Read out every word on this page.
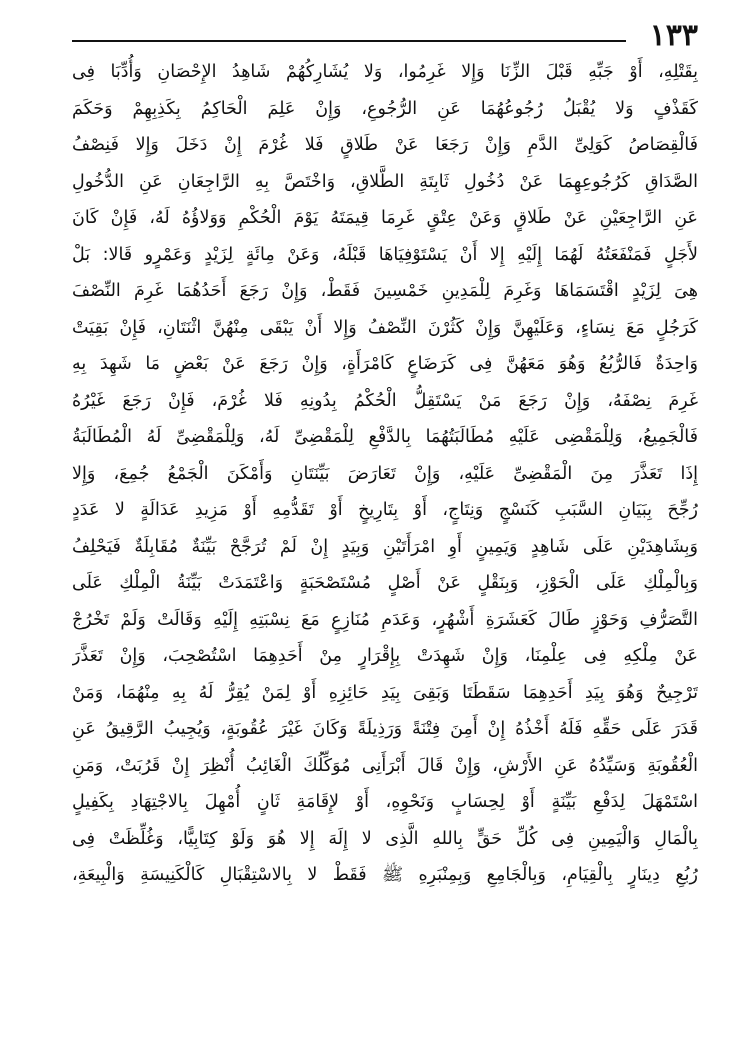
١٣٣
بِقَتْلِهِ، أَوْ جَبِّهِ قَبْلَ الزِّنَا وَإِلا غَرِمُوا، وَلا يُشَارِكُهُمْ شَاهِدُ الإِحْصَانِ وَأُدِّبَا فِى
كَقَذْفٍ وَلا يُقْبَلُ رُجُوعُهُمَا عَنِ الرُّجُوعِ، وَإِنْ عَلِمَ الْحَاكِمُ بِكَذِبِهِمْ وَحَكَمَ
فَالْقِصَاصُ كَوَلِىِّ الدَّمِ وَإِنْ رَجَعَا عَنْ طَلاقٍ فَلا غُرْمَ إِنْ دَخَلَ وَإِلا فَنِصْفُ
الصَّدَاقِ كَرُجُوعِهِمَا عَنْ دُخُولِ ثَابِتَةِ الطَّلاقِ، وَاخْتَصَّ بِهِ الرَّاجِعَانِ عَنِ الدُّخُولِ
عَنِ الرَّاجِعَيْنِ عَنْ طَلاقٍ وَعَنْ عِتْقٍ غَرِمَا قِيمَتَهُ يَوْمَ الْحُكْمِ وَوَلاؤُهُ لَهُ، فَإِنْ كَانَ
لأَجَلٍ فَمَنْفَعَتُهُ لَهُمَا إِلَيْهِ إِلا أَنْ يَسْتَوْفِيَاهَا قَبْلَهُ، وَعَنْ مِائَةٍ لِزَيْدٍ وَعَمْرٍو قَالا: بَلْ
هِىَ لِزَيْدٍ اقْتَسَمَاهَا وَغَرِمَ لِلْمَدِينِ خَمْسِينَ فَقَطْ، وَإِنْ رَجَعَ أَحَدُهُمَا غَرِمَ النِّصْفَ
كَرَجُلٍ مَعَ نِسَاءٍ، وَعَلَيْهِنَّ وَإِنْ كَثُرْنَ النِّصْفُ وَإِلا أَنْ يَبْقَى مِنْهُنَّ اثْنَتَانِ، فَإِنْ بَقِيَتْ
وَاحِدَةٌ فَالرُّبُعُ وَهُوَ مَعَهُنَّ فِى كَرَضَاعٍ كَامْرَأَةٍ، وَإِنْ رَجَعَ عَنْ بَعْضٍ مَا شَهِدَ بِهِ
غَرِمَ نِصْفَهُ، وَإِنْ رَجَعَ مَنْ يَسْتَقِلُّ الْحُكْمُ بِدُونِهِ فَلا غُرْمَ، فَإِنْ رَجَعَ غَيْرُهُ
فَالْجَمِيعُ، وَلِلْمَقْضِى عَلَيْهِ مُطَالَبَتُهُمَا بِالدَّفْعِ لِلْمَقْضِىِّ لَهُ، وَلِلْمَقْضِىِّ لَهُ الْمُطَالَبَةُ
إِذَا تَعَذَّرَ مِنَ الْمَقْضِىِّ عَلَيْهِ، وَإِنْ تَعَارَضَ بَيِّنَتَانِ وَأَمْكَنَ الْجَمْعُ جُمِعَ، وَإِلا
رُجِّحَ بِبَيَانِ السَّبَبِ كَنَسْجٍ وَنِتَاجٍ، أَوْ بِتَارِيخٍ أَوْ تَقَدُّمِهِ أَوْ مَزِيدِ عَدَالَةٍ لا عَدَدٍ
وَبِشَاهِدَيْنِ عَلَى شَاهِدٍ وَيَمِينٍ أَوِ امْرَأَتَيْنِ وَبِيَدٍ إِنْ لَمْ تُرَجَّحْ بَيِّنَةٌ مُقَابِلَةٌ فَيَحْلِفُ
وَبِالْمِلْكِ عَلَى الْحَوْزِ، وَبِنَقْلٍ عَنْ أَصْلٍ مُسْتَصْحَبَةٍ وَاعْتَمَدَتْ بَيِّنَةُ الْمِلْكِ عَلَى
التَّصَرُّفِ وَحَوْزٍ طَالَ كَعَشَرَةِ أَشْهُرٍ، وَعَدَمِ مُنَازِعٍ مَعَ نِسْبَتِهِ إِلَيْهِ وَقَالَتْ وَلَمْ تَخْرُجْ
عَنْ مِلْكِهِ فِى عِلْمِنَا، وَإِنْ شَهِدَتْ بِإِقْرَارٍ مِنْ أَحَدِهِمَا اسْتُصْحِبَ، وَإِنْ تَعَذَّرَ
تَرْجِيحٌ وَهُوَ بِيَدِ أَحَدِهِمَا سَقَطَتَا وَبَقِىَ بِيَدِ حَائِزِهِ أَوْ لِمَنْ يُقِرُّ لَهُ بِهِ مِنْهُمَا، وَمَنْ
قَدَرَ عَلَى حَقِّهِ فَلَهُ أَخْذُهُ إِنْ أَمِنَ فِتْنَةً وَرَذِيلَةً وَكَانَ غَيْرَ عُقُوبَةٍ، وَيُجِيبُ الرَّقِيقُ عَنِ
الْعُقُوبَةِ وَسَيِّدُهُ عَنِ الأَرْشِ، وَإِنْ قَالَ أَبْرَأَنِى مُوَكِّلُكَ الْغَائِبُ أُنْظِرَ إِنْ قَرُبَتْ، وَمَنِ
اسْتَمْهَلَ لِدَفْعِ بَيِّنَةٍ أَوْ لِحِسَابٍ وَنَحْوِهِ، أَوْ لإِقَامَةِ ثَانٍ أُمْهِلَ بِالاجْتِهَادِ بِكَفِيلٍ
بِالْمَالِ وَالْيَمِينِ فِى كُلِّ حَقٍّ بِاللهِ الَّذِى لا إِلَهَ إِلا هُوَ وَلَوْ كِتَابِيًّا، وَغُلِّظَتْ فِى
رُبُعِ دِينَارٍ بِالْقِيَامِ، وَبِالْجَامِعِ وَبِمِنْبَرِهِ ﷺ فَقَطْ لا بِالاسْتِقْبَالِ كَالْكَنِيسَةِ وَالْبِيعَةِ،
